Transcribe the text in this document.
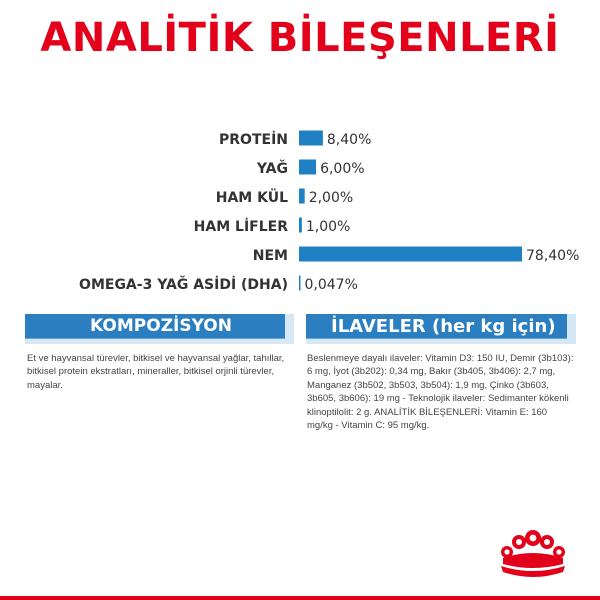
ANALİTİK BİLEŞENLERİ
PROTEİN	8,40%
YAĞ 6,00%
HAM KÜL 2,00%
HAM LİFLER 1,00%
NEM	78,40%
OMEGA-3 YAĞ ASİDİ (DHA) 0,047%
KOMPOZİSYON	İLAVELER (her kg için)
Et ve hayvansal türevler, bitkisel ve hayvansal yağlar, tahıllar, bitkisel protein ekstratları, mineraller, bitkisel orjinli türevler, mayalar.
Beslenmeye dayalı ilaveler: Vitamin D3: 150 IU, Demir (3b103): 6 mg, İyot (3b202): 0,34 mg, Bakır (3b405, 3b406): 2,7 mg, Manganez (3b502, 3b503, 3b504): 1,9 mg, Çinko (3b603, 3b605, 3b606): 19 mg - Teknolojik ilaveler: Sedimanter kökenli klinoptilolit: 2 g. ANALİTİK BİLEŞENLERİ: Vitamin E: 160 mg/kg - Vitamin C: 95 mg/kg.
